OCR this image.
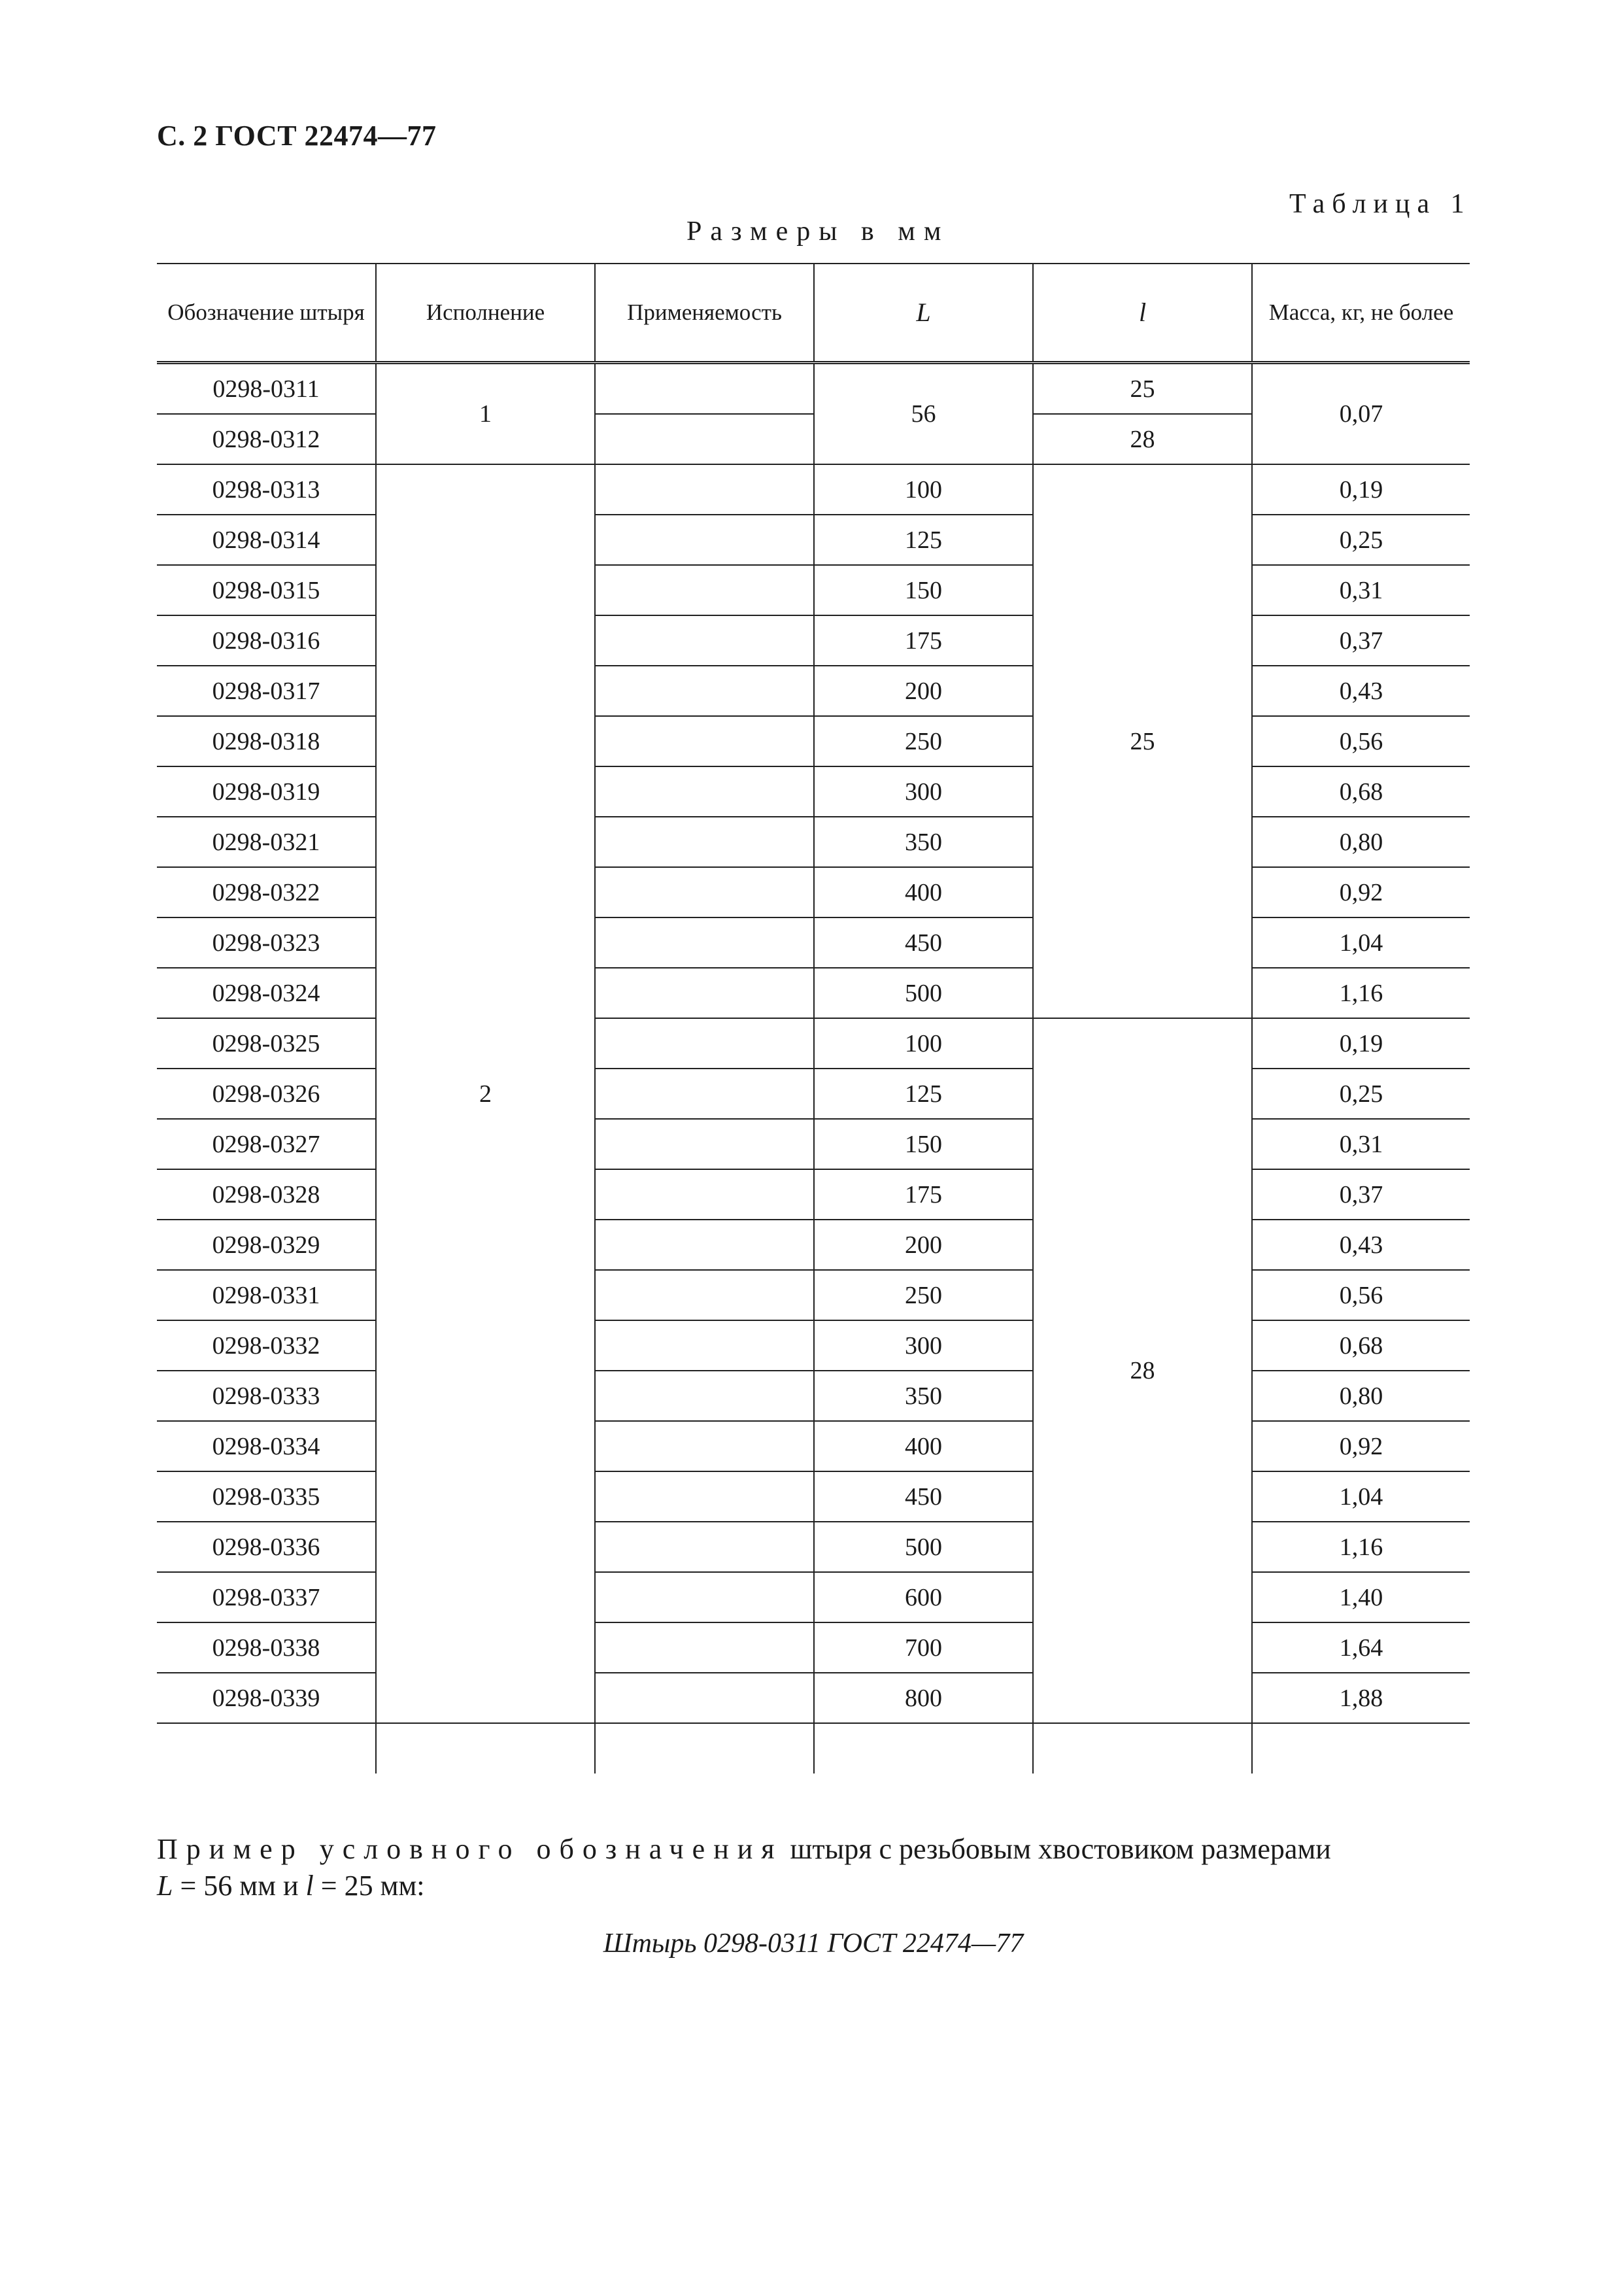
С. 2 ГОСТ 22474—77
Таблица 1
Размеры в мм
Обозначение штыря	Исполнение	Применяемость	L	l	Масса, кг, не более
0298-0311	1		56	25	0,07
0298-0312				28	
0298-0313	2		100	25	0,19
0298-0314			125		0,25
0298-0315			150		0,31
0298-0316			175		0,37
0298-0317			200		0,43
0298-0318			250		0,56
0298-0319			300		0,68
0298-0321			350		0,80
0298-0322			400		0,92
0298-0323			450		1,04
0298-0324			500		1,16
0298-0325			100	28	0,19
0298-0326			125		0,25
0298-0327			150		0,31
0298-0328			175		0,37
0298-0329			200		0,43
0298-0331			250		0,56
0298-0332			300		0,68
0298-0333			350		0,80
0298-0334			400		0,92
0298-0335			450		1,04
0298-0336			500		1,16
0298-0337			600		1,40
0298-0338			700		1,64
0298-0339			800		1,88

Пример условного обозначения штыря с резьбовым хвостовиком размерами
L = 56 мм и l = 25 мм:
Штырь 0298-0311 ГОСТ 22474—77
